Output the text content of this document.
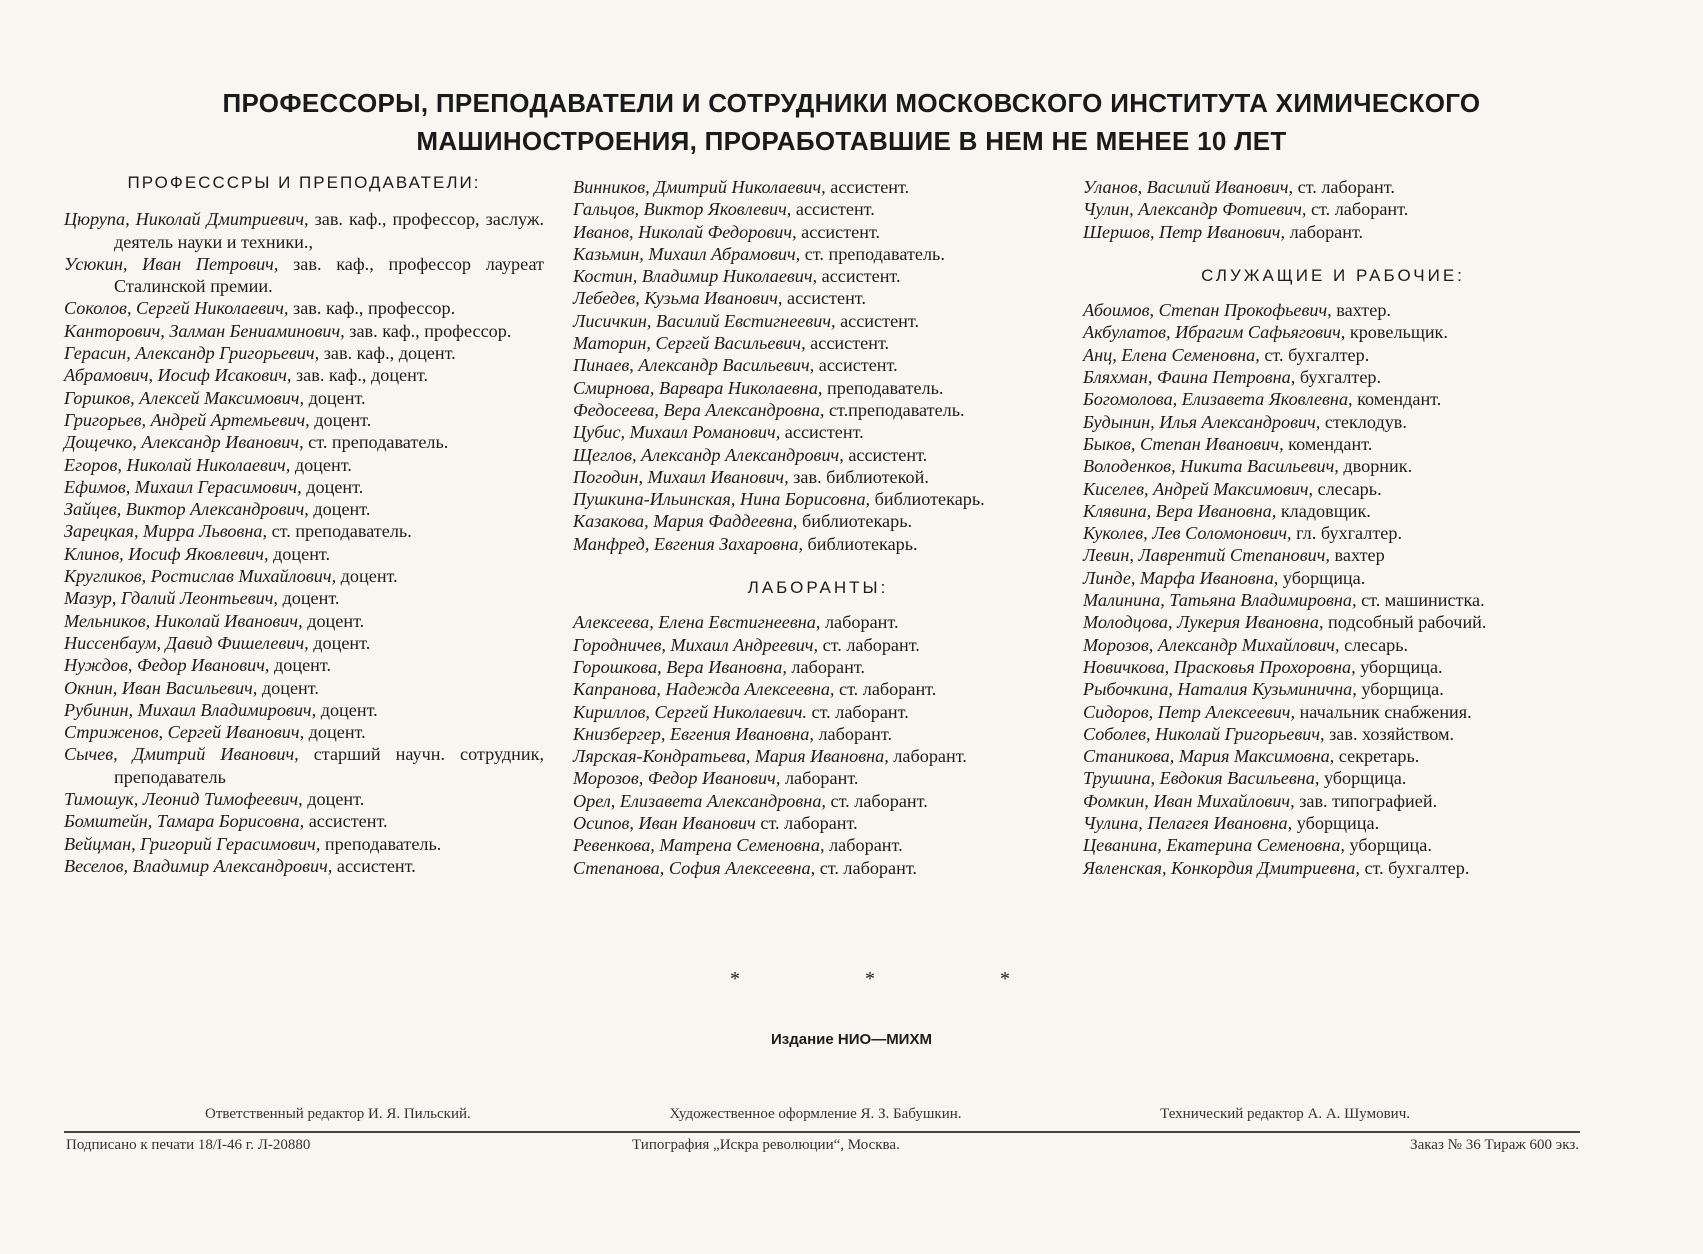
ПРОФЕССОРЫ, ПРЕПОДАВАТЕЛИ И СОТРУДНИКИ МОСКОВСКОГО ИНСТИТУТА ХИМИЧЕСКОГО
МАШИНОСТРОЕНИЯ, ПРОРАБОТАВШИЕ В НЕМ НЕ МЕНЕЕ 10 ЛЕТ
ПРОФЕСССРЫ И ПРЕПОДАВАТЕЛИ:
Цюрупа, Николай Дмитриевич, зав. каф., профессор, заслуж. деятель науки и техники.,
Усюкин, Иван Петрович, зав. каф., профессор лауреат Сталинской премии.
Соколов, Сергей Николаевич, зав. каф., профессор.
Канторович, Залман Бениаминович, зав. каф., профессор.
Герасин, Александр Григорьевич, зав. каф., доцент.
Абрамович, Иосиф Исакович, зав. каф., доцент.
Горшков, Алексей Максимович, доцент.
Григорьев, Андрей Артемьевич, доцент.
Дощечко, Александр Иванович, ст. преподаватель.
Егоров, Николай Николаевич, доцент.
Ефимов, Михаил Герасимович, доцент.
Зайцев, Виктор Александрович, доцент.
Зарецкая, Мирра Львовна, ст. преподаватель.
Клинов, Иосиф Яковлевич, доцент.
Кругликов, Ростислав Михайлович, доцент.
Мазур, Гдалий Леонтьевич, доцент.
Мельников, Николай Иванович, доцент.
Ниссенбаум, Давид Фишелевич, доцент.
Нуждов, Федор Иванович, доцент.
Окнин, Иван Васильевич, доцент.
Рубинин, Михаил Владимирович, доцент.
Стриженов, Сергей Иванович, доцент.
Сычев, Дмитрий Иванович, старший научн. сотрудник, преподаватель
Тимошук, Леонид Тимофеевич, доцент.
Бомштейн, Тамара Борисовна, ассистент.
Вейцман, Григорий Герасимович, преподаватель.
Веселов, Владимир Александрович, ассистент.
Винников, Дмитрий Николаевич, ассистент.
Гальцов, Виктор Яковлевич, ассистент.
Иванов, Николай Федорович, ассистент.
Казьмин, Михаил Абрамович, ст. преподаватель.
Костин, Владимир Николаевич, ассистент.
Лебедев, Кузьма Иванович, ассистент.
Лисичкин, Василий Евстигнеевич, ассистент.
Маторин, Сергей Васильевич, ассистент.
Пинаев, Александр Васильевич, ассистент.
Смирнова, Варвара Николаевна, преподаватель.
Федосеева, Вера Александровна, ст.преподаватель.
Цубис, Михаил Романович, ассистент.
Щеглов, Александр Александрович, ассистент.
Погодин, Михаил Иванович, зав. библиотекой.
Пушкина-Ильинская, Нина Борисовна, библиотекарь.
Казакова, Мария Фаддеевна, библиотекарь.
Манфред, Евгения Захаровна, библиотекарь.
ЛАБОРАНТЫ:
Алексеева, Елена Евстигнеевна, лаборант.
Городничев, Михаил Андреевич, ст. лаборант.
Горошкова, Вера Ивановна, лаборант.
Капранова, Надежда Алексеевна, ст. лаборант.
Кириллов, Сергей Николаевич. ст. лаборант.
Книзбергер, Евгения Ивановна, лаборант.
Лярская-Кондратьева, Мария Ивановна, лаборант.
Морозов, Федор Иванович, лаборант.
Орел, Елизавета Александровна, ст. лаборант.
Осипов, Иван Иванович ст. лаборант.
Ревенкова, Матрена Семеновна, лаборант.
Степанова, София Алексеевна, ст. лаборант.
Уланов, Василий Иванович, ст. лаборант.
Чулин, Александр Фотиевич, ст. лаборант.
Шершов, Петр Иванович, лаборант.
СЛУЖАЩИЕ И РАБОЧИЕ:
Абоимов, Степан Прокофьевич, вахтер.
Акбулатов, Ибрагим Сафьягович, кровельщик.
Анц, Елена Семеновна, ст. бухгалтер.
Бляхман, Фаина Петровна, бухгалтер.
Богомолова, Елизавета Яковлевна, комендант.
Будынин, Илья Александрович, стеклодув.
Быков, Степан Иванович, комендант.
Володенков, Никита Васильевич, дворник.
Киселев, Андрей Максимович, слесарь.
Клявина, Вера Ивановна, кладовщик.
Куколев, Лев Соломонович, гл. бухгалтер.
Левин, Лаврентий Степанович, вахтер
Линде, Марфа Ивановна, уборщица.
Малинина, Татьяна Владимировна, ст. машинистка.
Молодцова, Лукерия Ивановна, подсобный рабочий.
Морозов, Александр Михайлович, слесарь.
Новичкова, Прасковья Прохоровна, уборщица.
Рыбочкина, Наталия Кузьминична, уборщица.
Сидоров, Петр Алексеевич, начальник снабжения.
Соболев, Николай Григорьевич, зав. хозяйством.
Станикова, Мария Максимовна, секретарь.
Трушина, Евдокия Васильевна, уборщица.
Фомкин, Иван Михайлович, зав. типографией.
Чулина, Пелагея Ивановна, уборщица.
Цеванина, Екатерина Семеновна, уборщица.
Явленская, Конкордия Дмитриевна, ст. бухгалтер.
* * *
Издание НИО—МИХМ
Ответственный редактор И. Я. Пильский.	Художественное оформление Я. З. Бабушкин.	Технический редактор А. А. Шумович.
Подписано к печати 18/I-46 г. Л-20880	Типография „Искра революции“, Москва.	Заказ № 36 Тираж 600 экз.
